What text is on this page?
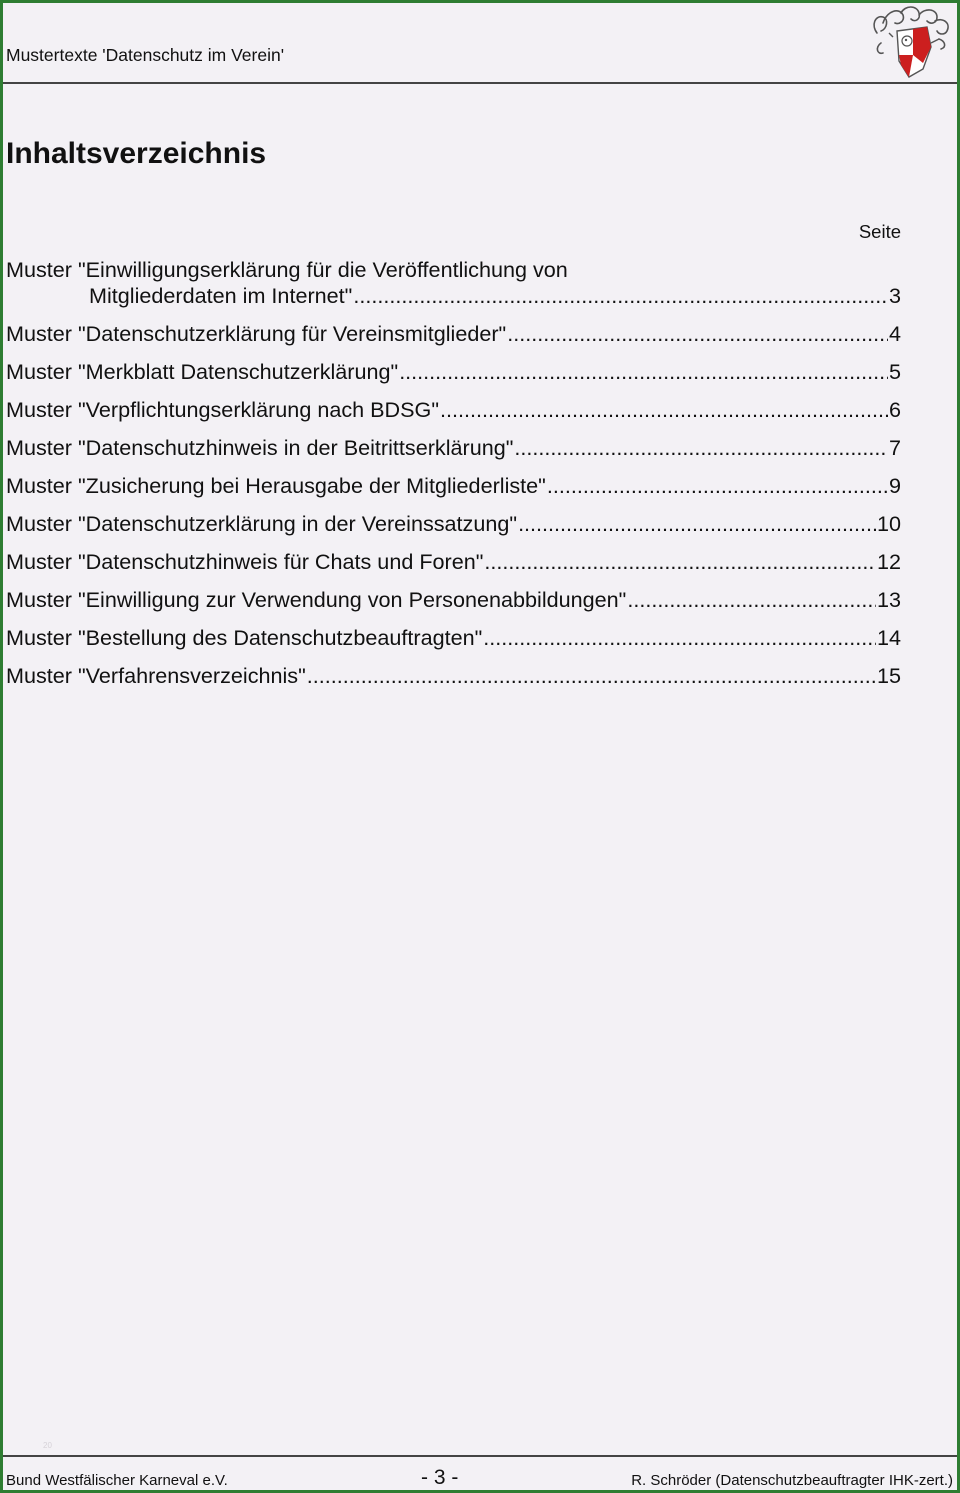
Mustertexte 'Datenschutz im Verein'
Inhaltsverzeichnis
Seite
Muster "Einwilligungserklärung für die Veröffentlichung von
Mitgliederdaten im Internet" .....	3
Muster "Datenschutzerklärung für Vereinsmitglieder" .....	4
Muster "Merkblatt Datenschutzerklärung" .....	5
Muster "Verpflichtungserklärung nach BDSG" .....	6
Muster "Datenschutzhinweis in der Beitrittserklärung" .....	7
Muster "Zusicherung bei Herausgabe der Mitgliederliste" .....	9
Muster "Datenschutzerklärung in der Vereinssatzung" .....	10
Muster "Datenschutzhinweis für Chats und Foren" .....	12
Muster "Einwilligung zur Verwendung von Personenabbildungen" .....	13
Muster "Bestellung des Datenschutzbeauftragten" .....	14
Muster "Verfahrensverzeichnis" .....	15
20
Bund Westfälischer Karneval e.V.	- 3 -	R. Schröder (Datenschutzbeauftragter IHK-zert.)
